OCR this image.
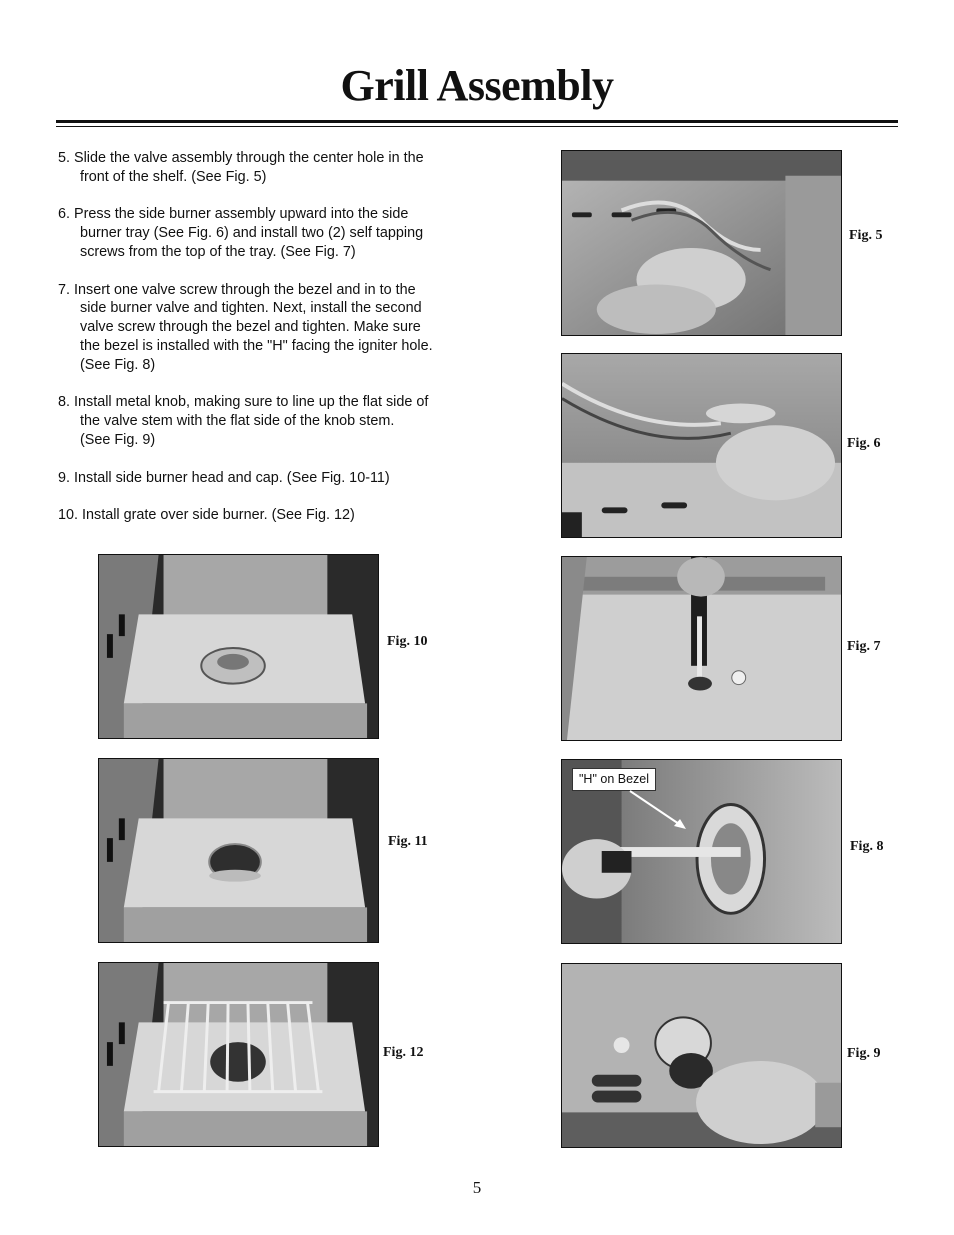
Grill Assembly
5. Slide the valve assembly through the center hole in the
front of the shelf. (See Fig. 5)
6. Press the side burner assembly upward into the side
burner tray (See Fig. 6) and install two (2) self tapping
screws from the top of the tray. (See Fig. 7)
7. Insert one valve screw through the bezel and in to the
side burner valve and tighten. Next, install the second
valve screw through the bezel and tighten. Make sure
the bezel is installed with the "H" facing the igniter hole.
(See Fig. 8)
8. Install metal knob, making sure to line up the flat side of
the valve stem with the flat side of the knob stem.
(See Fig. 9)
9. Install side burner head and cap. (See Fig. 10-11)
10. Install grate over side burner. (See Fig. 12)
Fig. 5
Fig. 6
Fig. 7
"H" on Bezel
Fig. 8
Fig. 9
Fig. 10
Fig. 11
Fig. 12
5
